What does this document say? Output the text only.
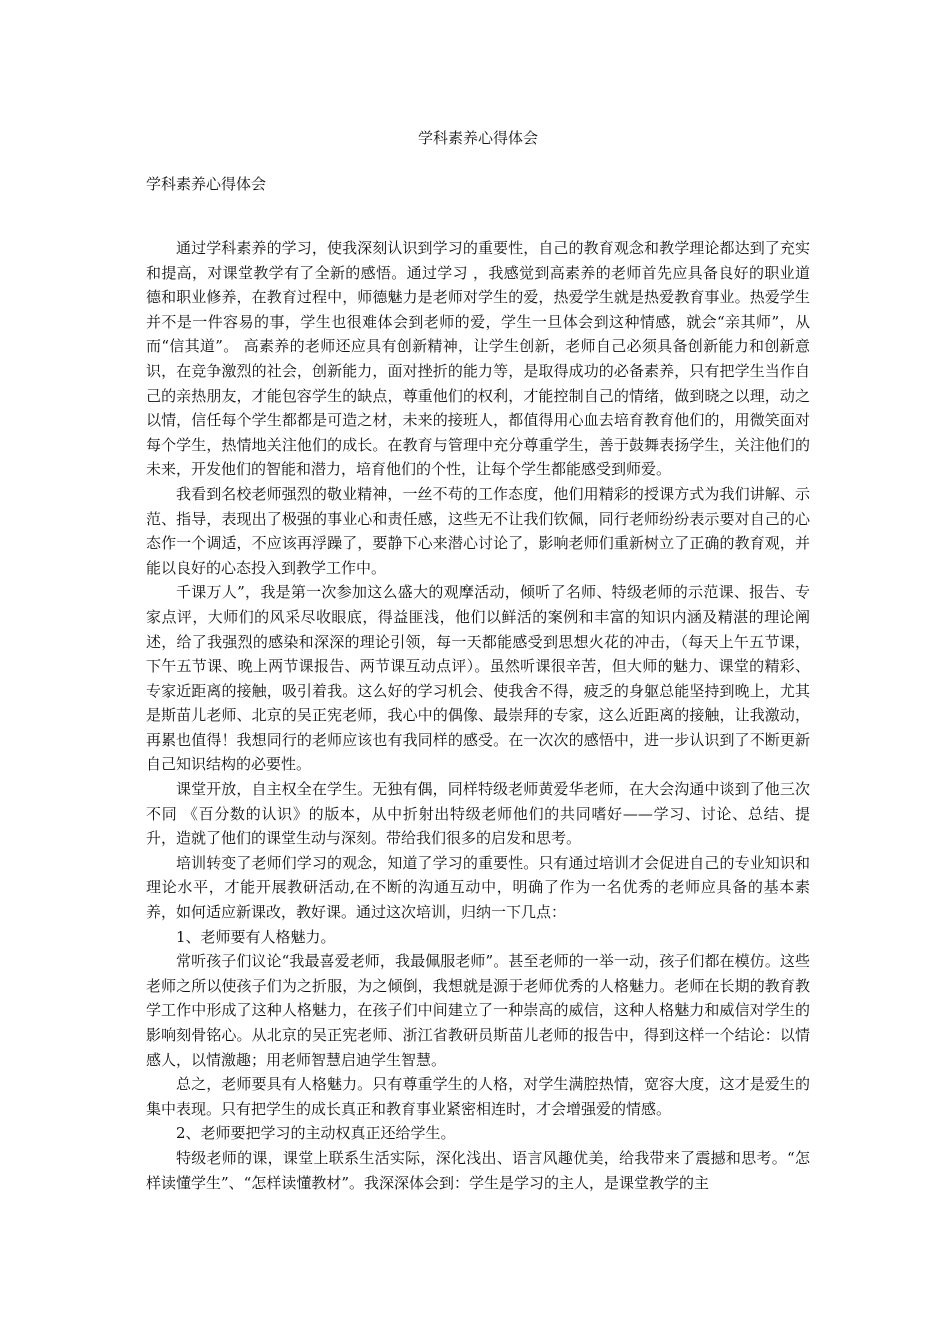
学科素养心得体会
学科素养心得体会

通过学科素养的学习，使我深刻认识到学习的重要性，自己的教育观念和教学理论都达到了充实和提高，对课堂教学有了全新的感悟。通过学习 ，我感觉到高素养的老师首先应具备良好的职业道德和职业修养，在教育过程中，师德魅力是老师对学生的爱，热爱学生就是热爱教育事业。热爱学生并不是一件容易的事，学生也很难体会到老师的爱，学生一旦体会到这种情感，就会“亲其师”，从而“信其道”。 高素养的老师还应具有创新精神，让学生创新，老师自己必须具备创新能力和创新意识，在竞争激烈的社会，创新能力，面对挫折的能力等，是取得成功的必备素养，只有把学生当作自己的亲热朋友，才能包容学生的缺点，尊重他们的权利，才能控制自己的情绪，做到晓之以理，动之以情，信任每个学生都都是可造之材，未来的接班人，都值得用心血去培育教育他们的，用微笑面对每个学生，热情地关注他们的成长。在教育与管理中充分尊重学生，善于鼓舞表扬学生，关注他们的未来，开发他们的智能和潜力，培育他们的个性，让每个学生都能感受到师爱。

我看到名校老师强烈的敬业精神，一丝不苟的工作态度，他们用精彩的授课方式为我们讲解、示范、指导，表现出了极强的事业心和责任感，这些无不让我们钦佩，同行老师纷纷表示要对自己的心态作一个调适，不应该再浮躁了，要静下心来潜心讨论了，影响老师们重新树立了正确的教育观，并能以良好的心态投入到教学工作中。

千课万人”，我是第一次参加这么盛大的观摩活动，倾听了名师、特级老师的示范课、报告、专家点评，大师们的风采尽收眼底，得益匪浅，他们以鲜活的案例和丰富的知识内涵及精湛的理论阐述，给了我强烈的感染和深深的理论引领，每一天都能感受到思想火花的冲击，（每天上午五节课，下午五节课、晚上两节课报告、两节课互动点评）。虽然听课很辛苦，但大师的魅力、课堂的精彩、专家近距离的接触，吸引着我。这么好的学习机会、使我舍不得，疲乏的身躯总能坚持到晚上，尤其是斯苗儿老师、北京的吴正宪老师，我心中的偶像、最崇拜的专家，这么近距离的接触，让我激动，再累也值得！我想同行的老师应该也有我同样的感受。在一次次的感悟中，进一步认识到了不断更新自己知识结构的必要性。

课堂开放，自主权全在学生。无独有偶，同样特级老师黄爱华老师，在大会沟通中谈到了他三次不同 《百分数的认识》的版本，从中折射出特级老师他们的共同嗜好——学习、讨论、总结、提升，造就了他们的课堂生动与深刻。带给我们很多的启发和思考。

培训转变了老师们学习的观念，知道了学习的重要性。只有通过培训才会促进自己的专业知识和理论水平，才能开展教研活动,在不断的沟通互动中，明确了作为一名优秀的老师应具备的基本素养，如何适应新课改，教好课。通过这次培训，归纳一下几点：

1、老师要有人格魅力。

常听孩子们议论“我最喜爱老师，我最佩服老师”。甚至老师的一举一动，孩子们都在模仿。这些老师之所以使孩子们为之折服，为之倾倒，我想就是源于老师优秀的人格魅力。老师在长期的教育教学工作中形成了这种人格魅力，在孩子们中间建立了一种崇高的威信，这种人格魅力和威信对学生的影响刻骨铭心。从北京的吴正宪老师、浙江省教研员斯苗儿老师的报告中，得到这样一个结论：以情感人，以情激趣；用老师智慧启迪学生智慧。

总之，老师要具有人格魅力。只有尊重学生的人格，对学生满腔热情，宽容大度，这才是爱生的集中表现。只有把学生的成长真正和教育事业紧密相连时，才会增强爱的情感。

2、老师要把学习的主动权真正还给学生。

特级老师的课，课堂上联系生活实际，深化浅出、语言风趣优美，给我带来了震撼和思考。“怎样读懂学生”、“怎样读懂教材”。我深深体会到：学生是学习的主人，是课堂教学的主
